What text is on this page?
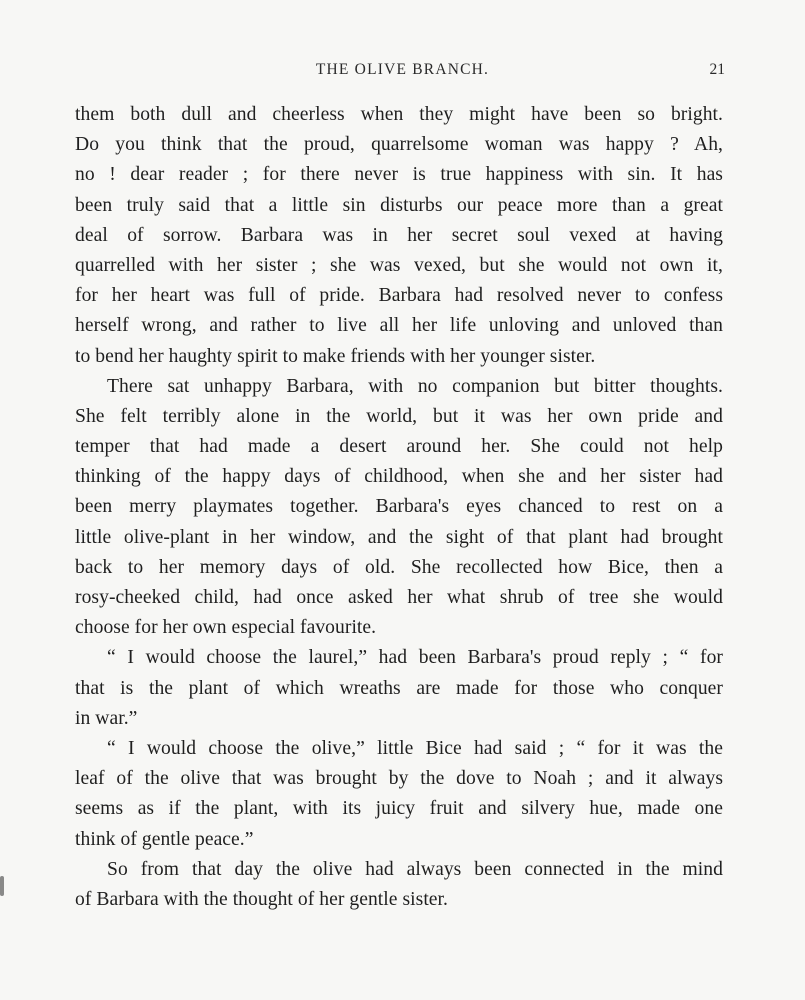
THE OLIVE BRANCH.	21
them both dull and cheerless when they might have been so bright.
Do you think that the proud, quarrelsome woman was happy ? Ah,
no ! dear reader ; for there never is true happiness with sin. It has
been truly said that a little sin disturbs our peace more than a great
deal of sorrow. Barbara was in her secret soul vexed at having
quarrelled with her sister ; she was vexed, but she would not own it,
for her heart was full of pride. Barbara had resolved never to confess
herself wrong, and rather to live all her life unloving and unloved than
to bend her haughty spirit to make friends with her younger sister.
There sat unhappy Barbara, with no companion but bitter thoughts.
She felt terribly alone in the world, but it was her own pride and
temper that had made a desert around her. She could not help
thinking of the happy days of childhood, when she and her sister had
been merry playmates together. Barbara's eyes chanced to rest on a
little olive-plant in her window, and the sight of that plant had brought
back to her memory days of old. She recollected how Bice, then a
rosy-cheeked child, had once asked her what shrub of tree she would
choose for her own especial favourite.
“ I would choose the laurel,” had been Barbara's proud reply ; “ for
that is the plant of which wreaths are made for those who conquer
in war.”
“ I would choose the olive,” little Bice had said ; “ for it was the
leaf of the olive that was brought by the dove to Noah ; and it always
seems as if the plant, with its juicy fruit and silvery hue, made one
think of gentle peace.”
So from that day the olive had always been connected in the mind
of Barbara with the thought of her gentle sister.
